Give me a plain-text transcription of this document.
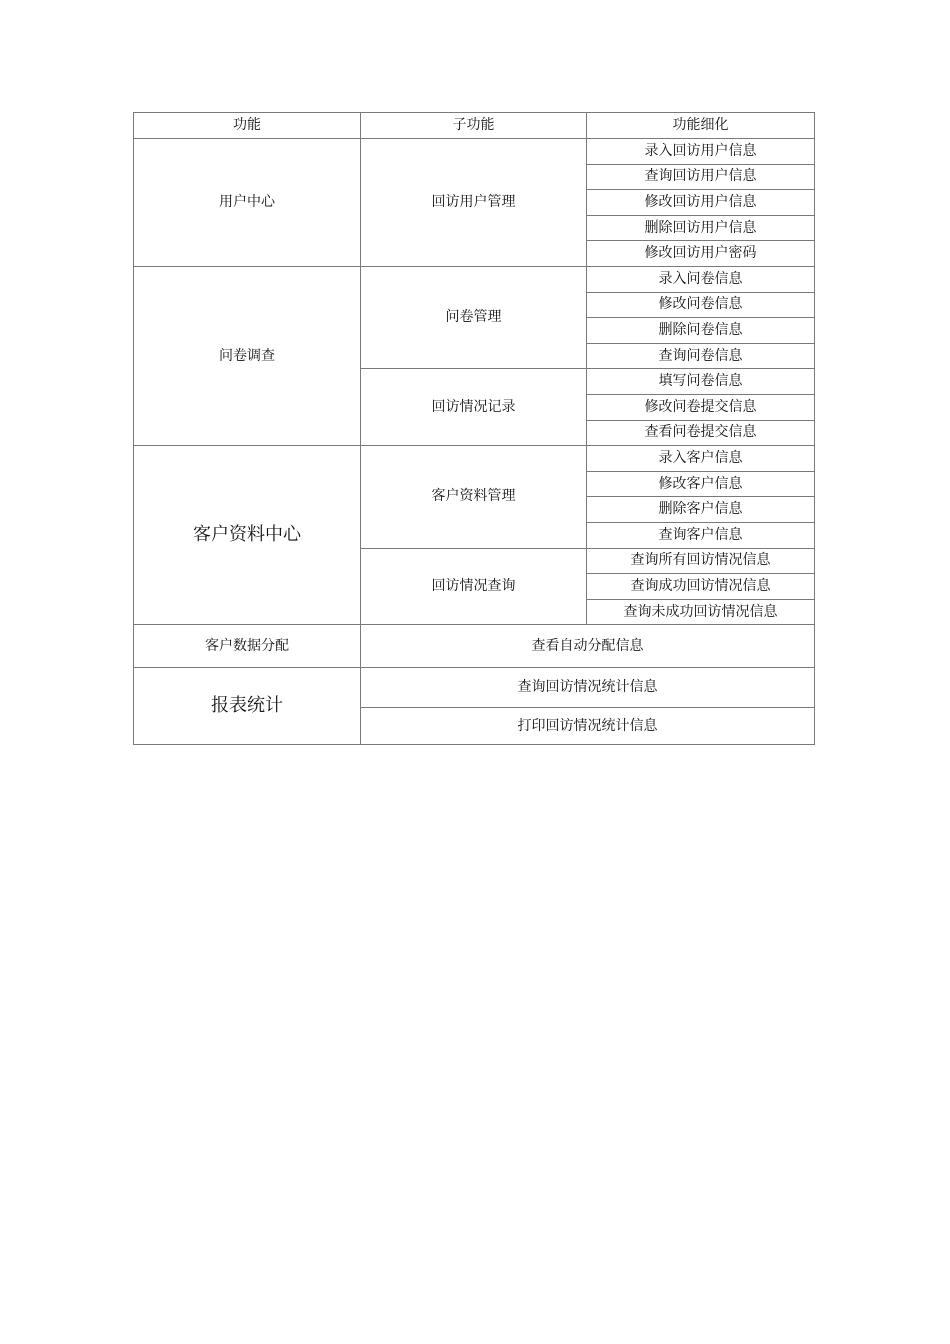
功能	子功能	功能细化
用户中心	回访用户管理	录入回访用户信息
		查询回访用户信息
		修改回访用户信息
		删除回访用户信息
		修改回访用户密码
问卷调查	问卷管理	录入问卷信息
		修改问卷信息
		删除问卷信息
		查询问卷信息
	回访情况记录	填写问卷信息
		修改问卷提交信息
		查看问卷提交信息
客户资料中心	客户资料管理	录入客户信息
		修改客户信息
		删除客户信息
		查询客户信息
	回访情况查询	查询所有回访情况信息
		查询成功回访情况信息
		查询未成功回访情况信息
客户数据分配	查看自动分配信息	
报表统计	查询回访情况统计信息	
	打印回访情况统计信息	
